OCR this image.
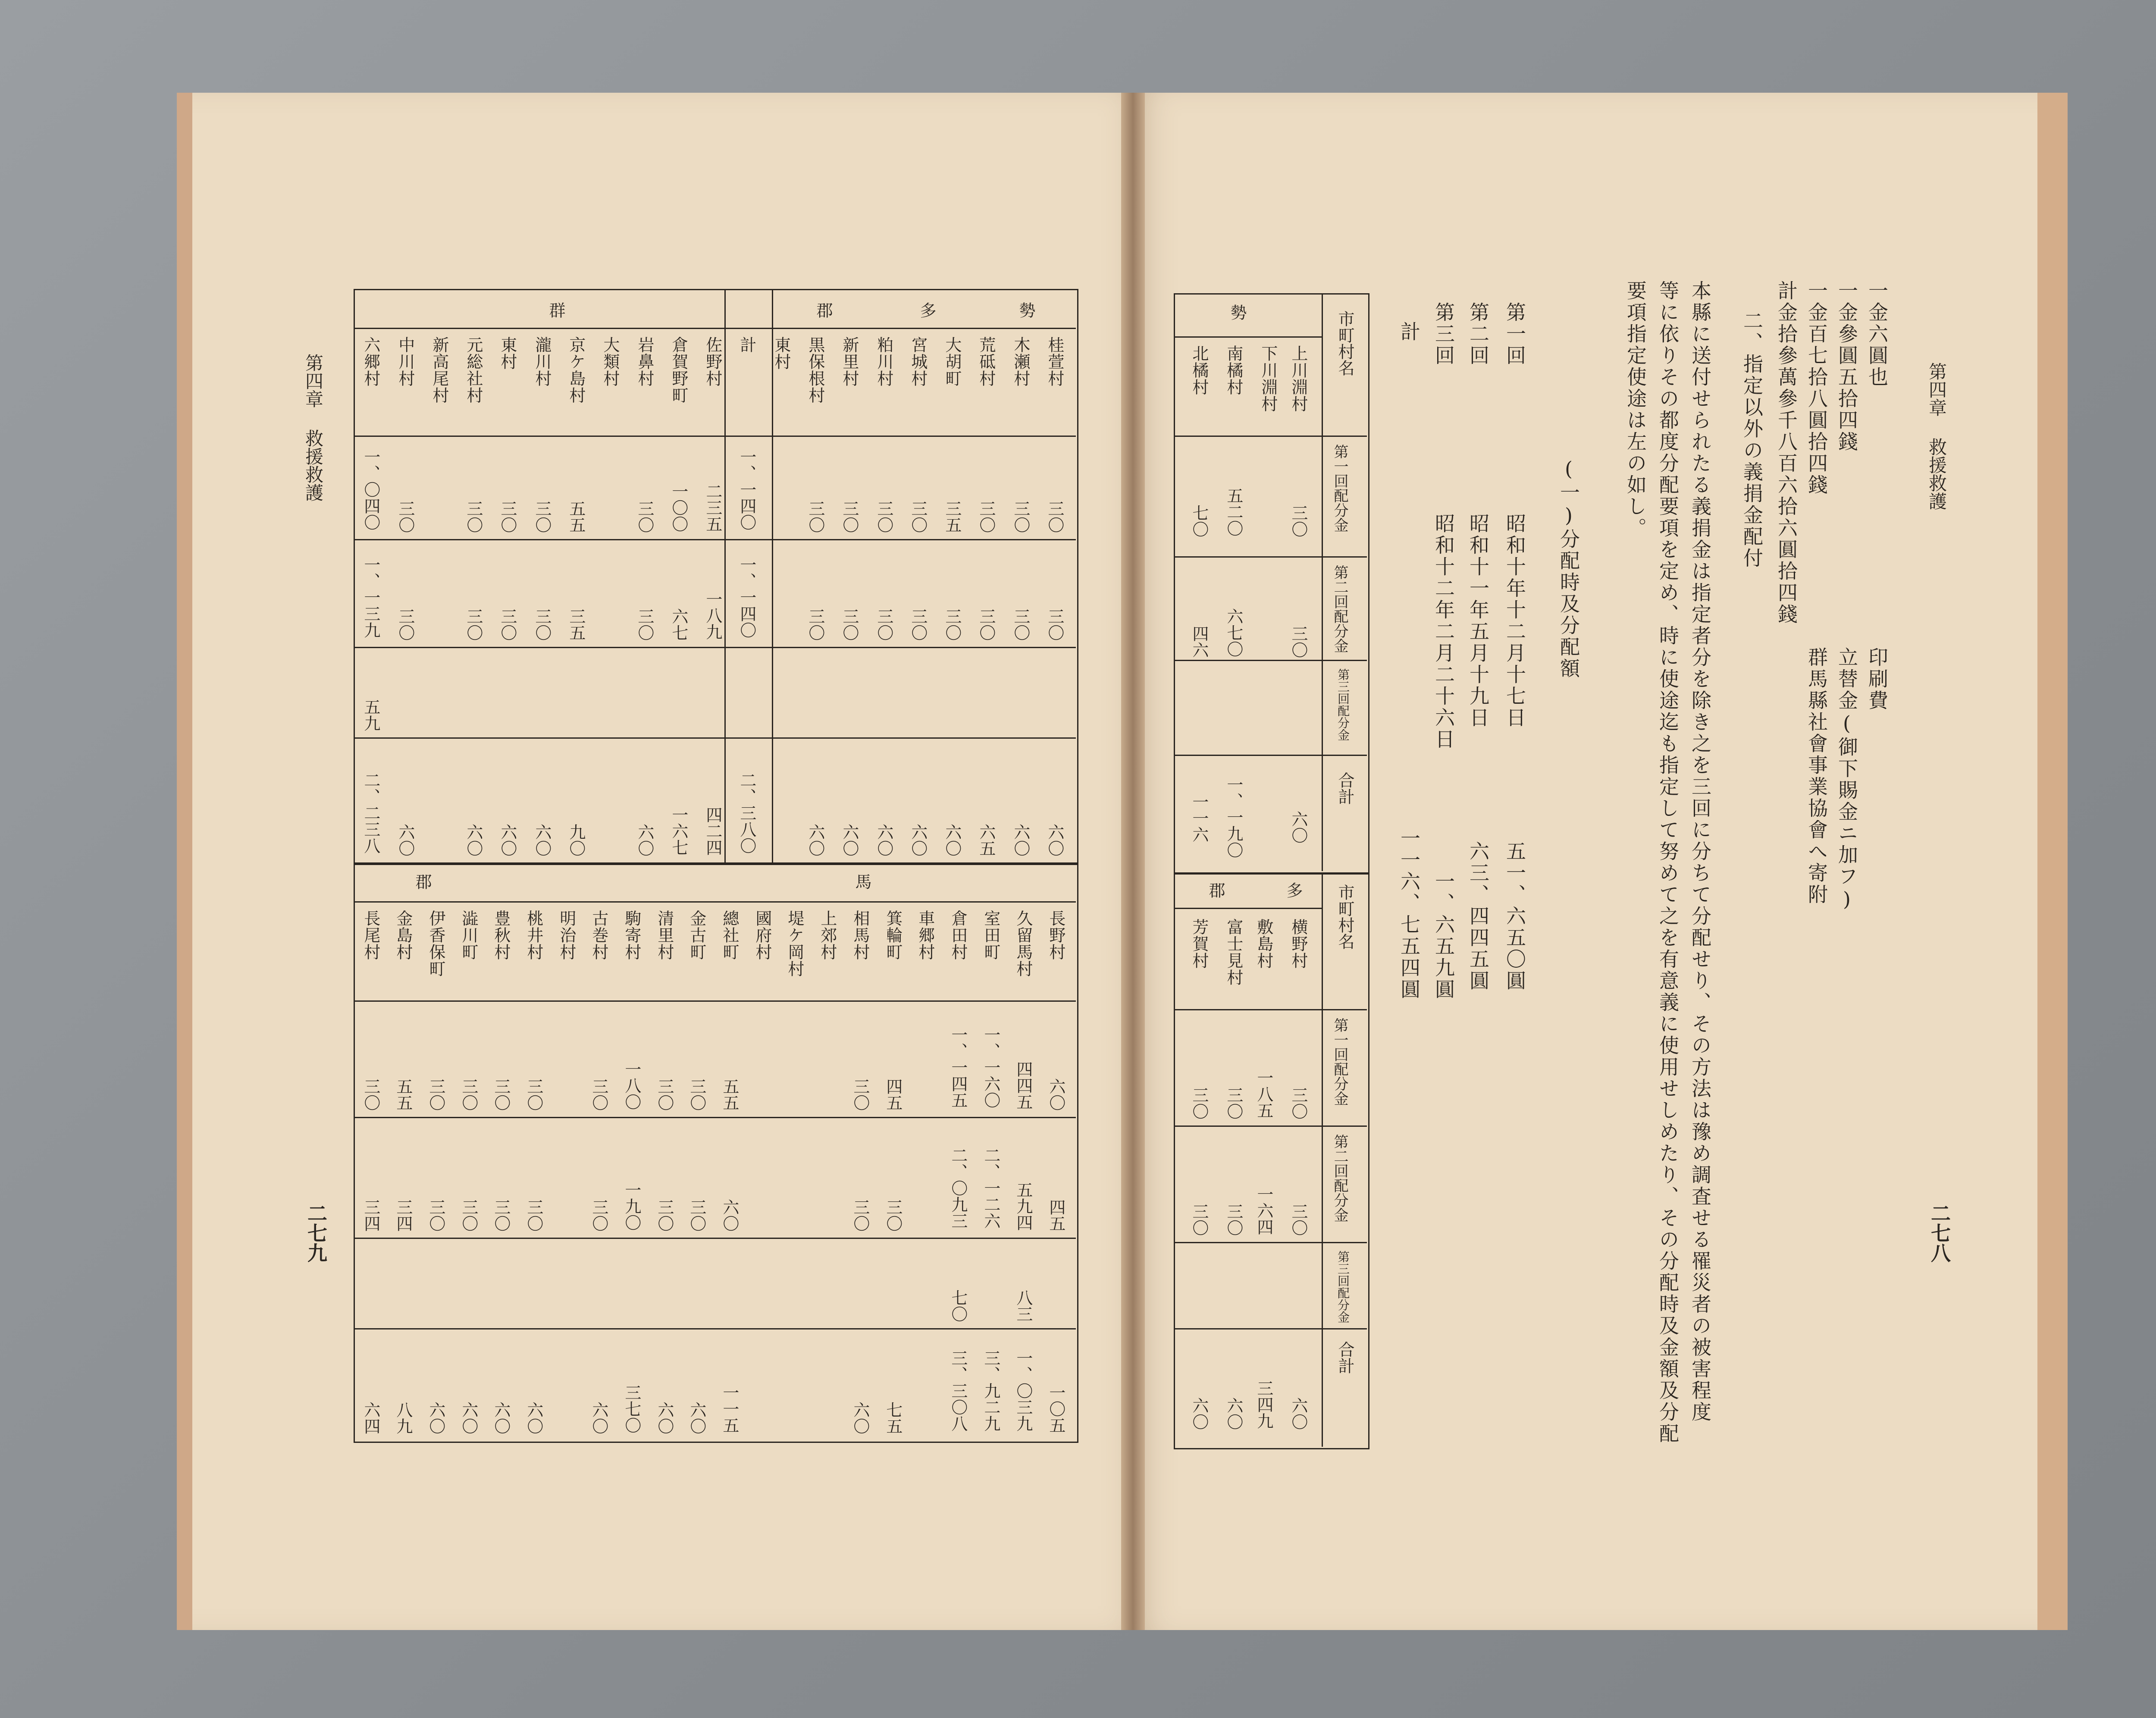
第四章 救援救護
二七八
一金六圓也　　　　　　　　　　　　印刷費
一金參圓五拾四錢　　　　　　　　　立替金(御下賜金ニ加フ)
一金百七拾八圓拾四錢　　　　　　　群馬縣社會事業協會へ寄附
計金拾參萬參千八百六拾六圓拾四錢
二、指定以外の義捐金配付
本縣に送付せられたる義捐金は指定者分を除き之を三回に分ちて分配せり、その方法は豫め調査せる罹災者の被害程度
等に依りその都度分配要項を定め、時に使途迄も指定して努めて之を有意義に使用せしめたり、その分配時及金額及分配
要項指定使途は左の如し。
(一)分配時及分配額
第一回
昭和十年十二月十七日
五一、六五〇圓
第二回
昭和十一年五月十九日
六三、四四五圓
第三回
昭和十二年二月二十六日
一、六五九圓
計
一一六、七五四圓
勢	市町村名
第一回配分金
第二回配分金
第三回配分金
合計
上川淵村
下川淵村
南橘村
北橘村
三〇
五二〇
七〇
三〇
六七〇
四六
六〇
一、一九〇
一一六
多
郡	市町村名
第一回配分金
第二回配分金
第三回配分金
合計
横野村
敷島村
富士見村
芳賀村
三〇
一八五
三〇
三〇
三〇
一六四
三〇
三〇
六〇
三四九
六〇
六〇
第四章 救援救護
二七九
勢
多
郡
群
桂萱村
三〇
三〇
六〇
木瀬村
三〇
三〇
六〇
荒砥村
三〇
三〇
六五
大胡町
三五
三〇
六〇
宮城村
三〇
三〇
六〇
粕川村
三〇
三〇
六〇
新里村
三〇
三〇
六〇
黒保根村
三〇
三〇
六〇
東村
計
一、一四〇
一、一四〇
二、三八〇
佐野村
二三五
一八九
四二四
倉賀野町
一〇〇
六七
一六七
岩鼻村
三〇
三〇
六〇
大類村
京ケ島村
五五
三五
九〇
瀧川村
三〇
三〇
六〇
東村
三〇
三〇
六〇
元総社村
三〇
三〇
六〇
新高尾村
中川村
三〇
三〇
六〇
六郷村
一、〇四〇
一、一三九
五九
二、二三八
馬
郡
長野村
六〇
四五
一〇五
久留馬村
四四五
五九四
八三
一、〇三九
室田町
一、一六〇
二、一二六
三、九二九
倉田村
一、一四五
二、〇九三
七〇
三、三〇八
車郷村
箕輪町
四五
三〇
七五
相馬村
三〇
三〇
六〇
上郊村
堤ケ岡村
國府村
總社町
五五
六〇
一一五
金古町
三〇
三〇
六〇
清里村
三〇
三〇
六〇
駒寄村
一八〇
一九〇
三七〇
古巻村
三〇
三〇
六〇
明治村
桃井村
三〇
三〇
六〇
豊秋村
三〇
三〇
六〇
澁川町
三〇
三〇
六〇
伊香保町
三〇
三〇
六〇
金島村
五五
三四
八九
長尾村
三〇
三四
六四
